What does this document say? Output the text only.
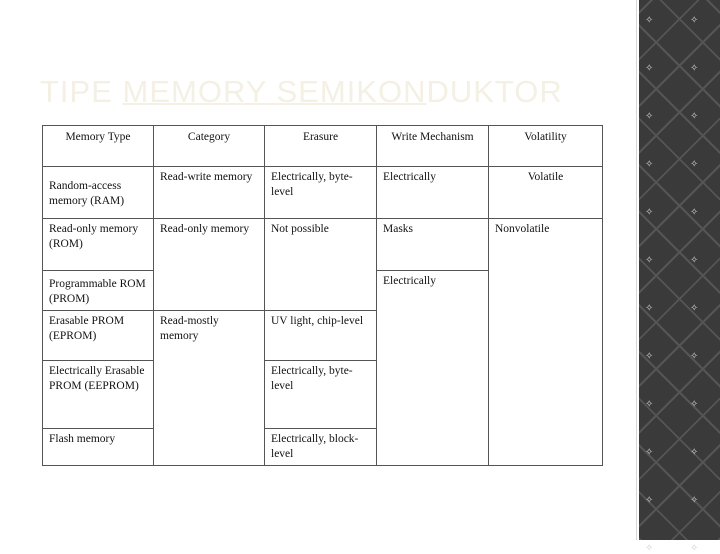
TIPE MEMORY SEMIKONDUKTOR
✧	✧
✧	✧
✧	✧
✧	✧
✧	✧
✧	✧
✧	✧
✧	✧
✧	✧
✧	✧
✧	✧
✧	✧
Memory Type	Category	Erasure	Write Mechanism	Volatility
Random-access memory (RAM)	Read-write memory	Electrically, byte-level	Electrically	Volatile
Read-only memory (ROM)	Read-only memory	Not possible	Masks	Nonvolatile
Programmable ROM (PROM)			Electrically	
Erasable PROM (EPROM)	Read-mostly memory	UV light, chip-level		
Electrically Erasable PROM (EEPROM)		Electrically, byte-level		
Flash memory		Electrically, block-level		
